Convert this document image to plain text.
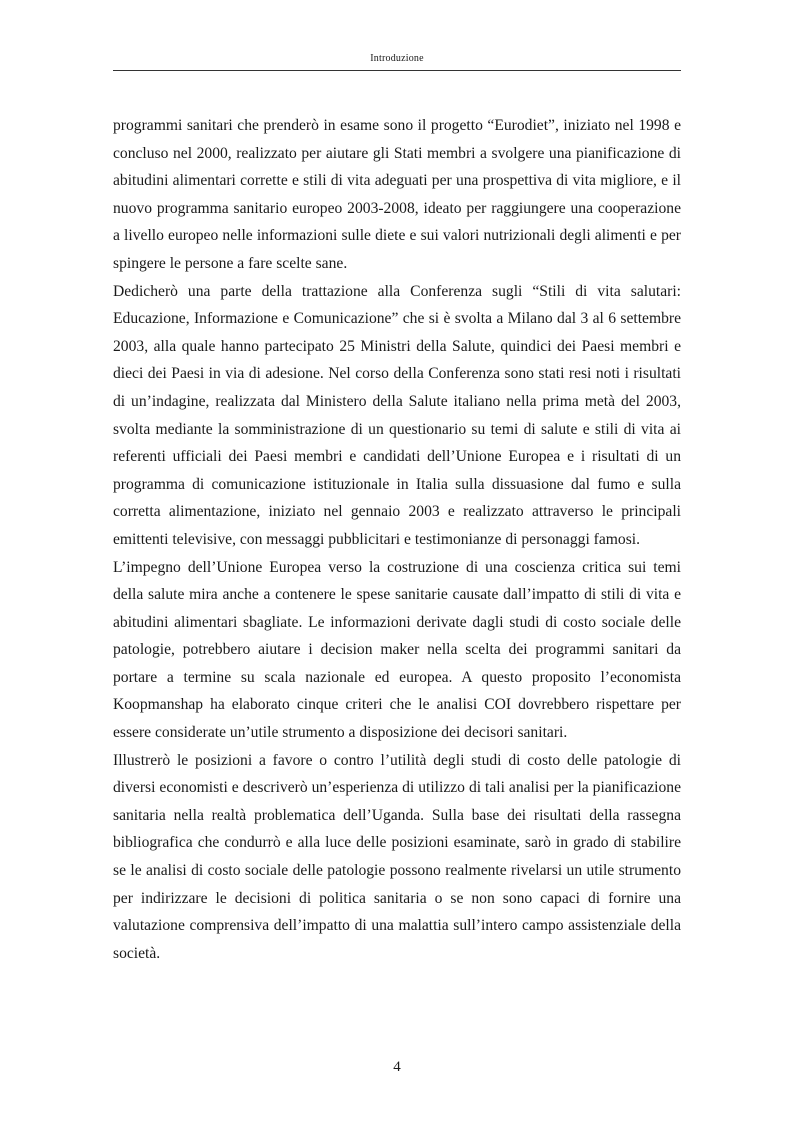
Introduzione

programmi sanitari che prenderò in esame sono il progetto “Eurodiet”, iniziato nel 1998 e concluso nel 2000, realizzato per aiutare gli Stati membri a svolgere una pianificazione di abitudini alimentari corrette e stili di vita adeguati per una prospettiva di vita migliore, e il nuovo programma sanitario europeo 2003-2008, ideato per raggiungere una cooperazione a livello europeo nelle informazioni sulle diete e sui valori nutrizionali degli alimenti e per spingere le persone a fare scelte sane.

Dedicherò una parte della trattazione alla Conferenza sugli “Stili di vita salutari: Educazione, Informazione e Comunicazione” che si è svolta a Milano dal 3 al 6 settembre 2003, alla quale hanno partecipato 25 Ministri della Salute, quindici dei Paesi membri e dieci dei Paesi in via di adesione. Nel corso della Conferenza sono stati resi noti i risultati di un’indagine, realizzata dal Ministero della Salute italiano nella prima metà del 2003, svolta mediante la somministrazione di un questionario su temi di salute e stili di vita ai referenti ufficiali dei Paesi membri e candidati dell’Unione Europea e i risultati di un programma di comunicazione istituzionale in Italia sulla dissuasione dal fumo e sulla corretta alimentazione, iniziato nel gennaio 2003 e realizzato attraverso le principali emittenti televisive, con messaggi pubblicitari e testimonianze di personaggi famosi.

L’impegno dell’Unione Europea verso la costruzione di una coscienza critica sui temi della salute mira anche a contenere le spese sanitarie causate dall’impatto di stili di vita e abitudini alimentari sbagliate. Le informazioni derivate dagli studi di costo sociale delle patologie, potrebbero aiutare i decision maker nella scelta dei programmi sanitari da portare a termine su scala nazionale ed europea. A questo proposito l’economista Koopmanshap ha elaborato cinque criteri che le analisi COI dovrebbero rispettare per essere considerate un’utile strumento a disposizione dei decisori sanitari.

Illustrerò le posizioni a favore o contro l’utilità degli studi di costo delle patologie di diversi economisti e descriverò un’esperienza di utilizzo di tali analisi per la pianificazione sanitaria nella realtà problematica dell’Uganda. Sulla base dei risultati della rassegna bibliografica che condurrò e alla luce delle posizioni esaminate, sarò in grado di stabilire se le analisi di costo sociale delle patologie possono realmente rivelarsi un utile strumento per indirizzare le decisioni di politica sanitaria o se non sono capaci di fornire una valutazione comprensiva dell’impatto di una malattia sull’intero campo assistenziale della società.

4
